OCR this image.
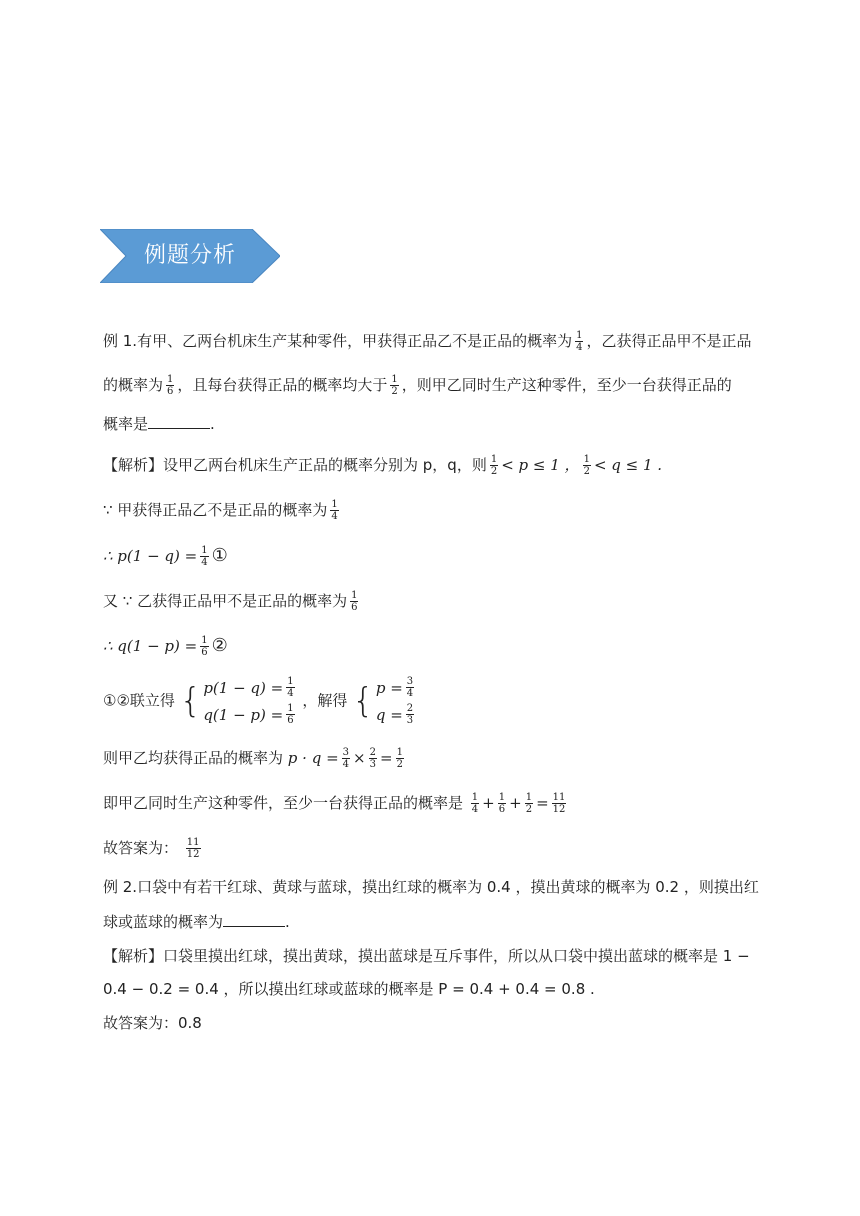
例题分析
例 1.有甲、乙两台机床生产某种零件，甲获得正品乙不是正品的概率为 $\frac{1}{4}$ ，乙获得正品甲不是正品
的概率为 $\frac{1}{6}$ ，且每台获得正品的概率均大于 $\frac{1}{2}$ ，则甲乙同时生产这种零件，至少一台获得正品的
概率是	.
【解析】设甲乙两台机床生产正品的概率分别为 p，q，则 $\frac{1}{2} < p \le 1$ ， $\frac{1}{2} < q \le 1$ .
∵ 甲获得正品乙不是正品的概率为 $\frac{1}{4}$
∴ $p(1 - q) = \frac{1}{4}$ ①
又 ∵ 乙获得正品甲不是正品的概率为 $\frac{1}{6}$
∴ $q(1 - p) = \frac{1}{6}$ ②
①②联立得 { $p(1 - q) = \frac{1}{4}$
$q(1 - p) = \frac{1}{6}$
，解得 { $p = \frac{3}{4}$
$q = \frac{2}{3}$
则甲乙均获得正品的概率为 $p \cdot q = \frac{3}{4} \times \frac{2}{3} = \frac{1}{2}$
即甲乙同时生产这种零件，至少一台获得正品的概率是 $\frac{1}{4} + \frac{1}{6} + \frac{1}{2} = \frac{11}{12}$
故答案为： $\frac{11}{12}$
例 2.口袋中有若干红球、黄球与蓝球，摸出红球的概率为 0.4 ，摸出黄球的概率为 0.2 ，则摸出红
球或蓝球的概率为	.
【解析】口袋里摸出红球，摸出黄球，摸出蓝球是互斥事件，所以从口袋中摸出蓝球的概率是 1 −
0.4 − 0.2 = 0.4 ，所以摸出红球或蓝球的概率是 P = 0.4 + 0.4 = 0.8 .
故答案为：0.8
